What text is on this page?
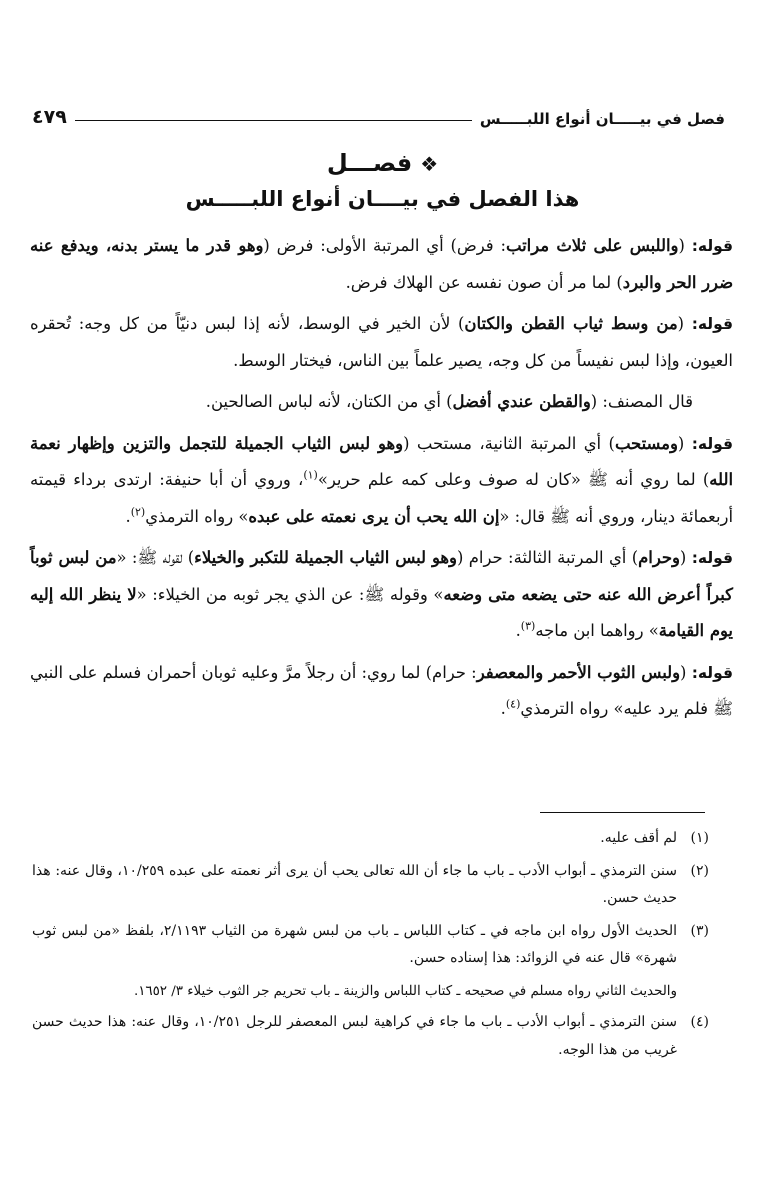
فصل في بيـــــان أنواع اللبـــــس
٤٧٩
❖فصـــل
هذا الفصل في بيــــان أنواع اللبـــــس

قوله: (واللبس على ثلاث مراتب: فرض) أي المرتبة الأولى: فرض (وهو قدر ما يستر بدنه، ويدفع عنه ضرر الحر والبرد) لما مر أن صون نفسه عن الهلاك فرض.

قوله: (من وسط ثياب القطن والكتان) لأن الخير في الوسط، لأنه إذا لبس دنيّاً من كل وجه: تُحقره العيون، وإذا لبس نفيساً من كل وجه، يصير علماً بين الناس، فيختار الوسط.

قال المصنف: (والقطن عندي أفضل) أي من الكتان، لأنه لباس الصالحين.

قوله: (ومستحب) أي المرتبة الثانية، مستحب (وهو لبس الثياب الجميلة للتجمل والتزين وإظهار نعمة الله) لما روي أنه ﷺ «كان له صوف وعلى كمه علم حرير»$^{(١)}$، وروي أن أبا حنيفة: ارتدى برداء قيمته أربعمائة دينار، وروي أنه ﷺ قال: «إن الله يحب أن يرى نعمته على عبده» رواه الترمذي$^{(٢)}$.

قوله: (وحرام) أي المرتبة الثالثة: حرام (وهو لبس الثياب الجميلة للتكبر والخيلاء) لقوله ﷺ: «من لبس ثوباً كبراً أعرض الله عنه حتى يضعه متى وضعه» وقوله ﷺ: عن الذي يجر ثوبه من الخيلاء: «لا ينظر الله إليه يوم القيامة» رواهما ابن ماجه$^{(٣)}$.

قوله: (ولبس الثوب الأحمر والمعصفر: حرام) لما روي: أن رجلاً مرَّ وعليه ثوبان أحمران فسلم على النبي ﷺ فلم يرد عليه» رواه الترمذي$^{(٤)}$.

(١)
لم أقف عليه.
(٢)
سنن الترمذي ـ أبواب الأدب ـ باب ما جاء أن الله تعالى يحب أن يرى أثر نعمته على عبده ١٠/٢٥٩، وقال عنه: هذا حديث حسن.
(٣)
الحديث الأول رواه ابن ماجه في ـ كتاب اللباس ـ باب من لبس شهرة من الثياب ٢/١١٩٣، بلفظ «من لبس ثوب شهرة» قال عنه في الزوائد: هذا إسناده حسن.
والحديث الثاني رواه مسلم في صحيحه ـ كتاب اللباس والزينة ـ باب تحريم جر الثوب خيلاء ٣/ ١٦٥٢.
(٤)
سنن الترمذي ـ أبواب الأدب ـ باب ما جاء في كراهية لبس المعصفر للرجل ١٠/٢٥١، وقال عنه: هذا حديث حسن غريب من هذا الوجه.
